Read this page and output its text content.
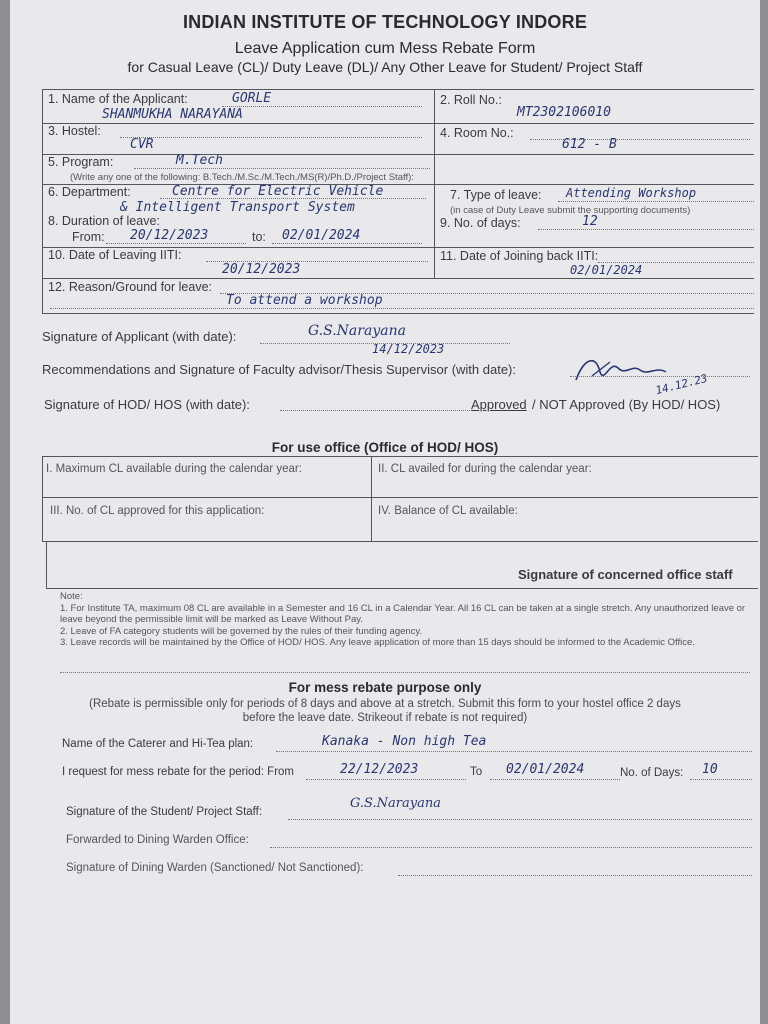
INDIAN INSTITUTE OF TECHNOLOGY INDORE
Leave Application cum Mess Rebate Form
for Casual Leave (CL)/ Duty Leave (DL)/ Any Other Leave for Student/ Project Staff
1. Name of the Applicant:	GORLE
SHANMUKHA NARAYANA
2. Roll No.:
MT2302106010
3. Hostel:
CVR
4. Room No.:
612 - B
5. Program:	M.Tech
(Write any one of the following: B.Tech./M.Sc./M.Tech./MS(R)/Ph.D./Project Staff):
6. Department:	Centre for Electric Vehicle
& Intelligent Transport System
7. Type of leave: Attending Workshop
(in case of Duty Leave submit the supporting documents)
8. Duration of leave:
From: 20/12/2023	to: 02/01/2024
9. No. of days:	12
10. Date of Leaving IITI:
20/12/2023
11. Date of Joining back IITI:
02/01/2024
12. Reason/Ground for leave:
To attend a workshop
Signature of Applicant (with date):	G.S.Narayana
14/12/2023
Recommendations and Signature of Faculty advisor/Thesis Supervisor (with date):
14.12.23
Signature of HOD/ HOS (with date):	Approved / NOT Approved (By HOD/ HOS)
For use office (Office of HOD/ HOS)
I. Maximum CL available during the calendar year:	II. CL availed for during the calendar year:
III. No. of CL approved for this application:	IV. Balance of CL available:
Signature of concerned office staff
Note:
1. For Institute TA, maximum 08 CL are available in a Semester and 16 CL in a Calendar Year. All 16 CL can be taken at a single stretch. Any unauthorized leave or leave beyond the permissible limit will be marked as Leave Without Pay.
2. Leave of FA category students will be governed by the rules of their funding agency.
3. Leave records will be maintained by the Office of HOD/ HOS. Any leave application of more than 15 days should be informed to the Academic Office.
For mess rebate purpose only
(Rebate is permissible only for periods of 8 days and above at a stretch. Submit this form to your hostel office 2 days
before the leave date. Strikeout if rebate is not required)
Name of the Caterer and Hi-Tea plan:	Kanaka - Non high Tea
I request for mess rebate for the period: From	22/12/2023	To 02/01/2024	No. of Days: 10
Signature of the Student/ Project Staff:
G.S.Narayana
Forwarded to Dining Warden Office:
Signature of Dining Warden (Sanctioned/ Not Sanctioned):
